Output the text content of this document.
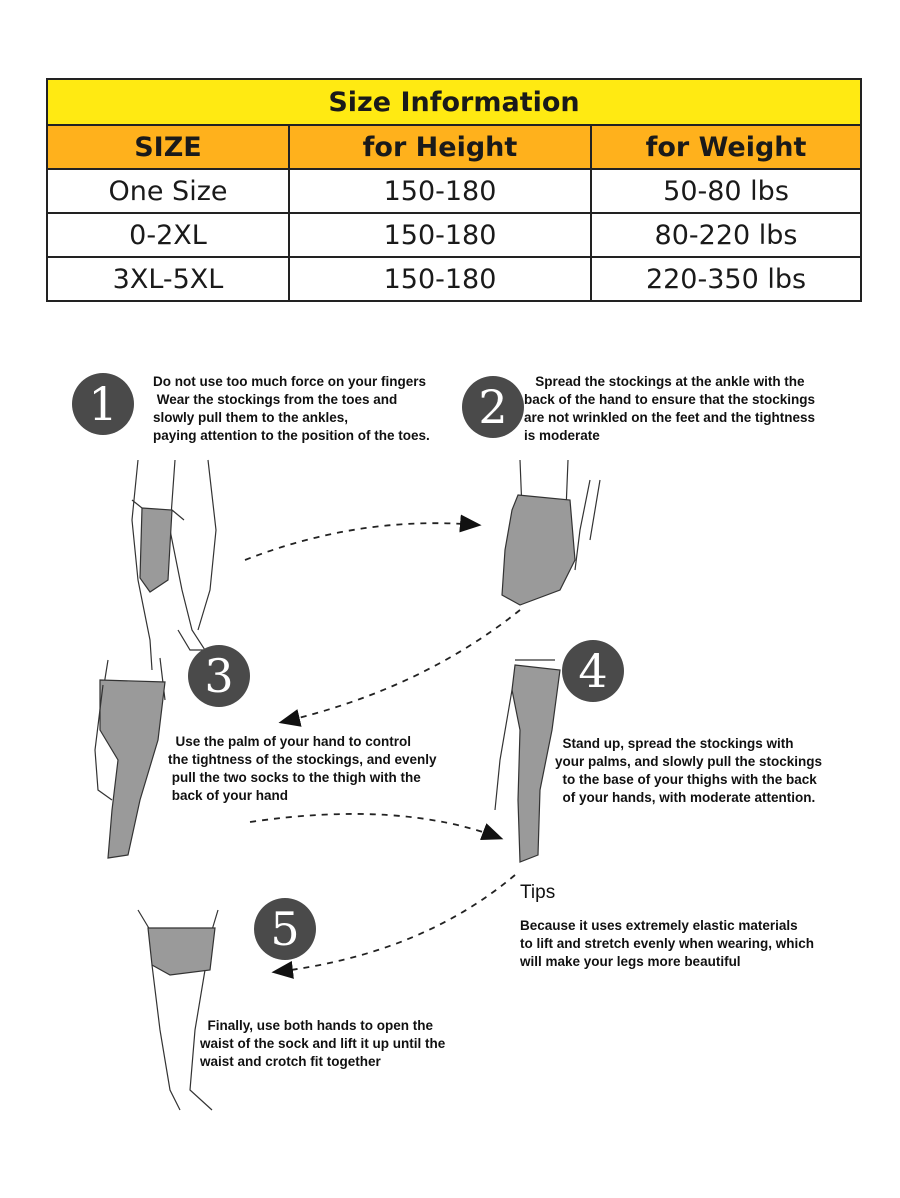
Size Information		
SIZE	for Height	for Weight
One Size	150-180	50-80 lbs
0-2XL	150-180	80-220 lbs
3XL-5XL	150-180	220-350 lbs
1	Do not use too much force on your fingers
Wear the stockings from the toes and
slowly pull them to the ankles,
paying attention to the position of the toes.
2	Spread the stockings at the ankle with the
back of the hand to ensure that the stockings
are not wrinkled on the feet and the tightness
is moderate
3
Use the palm of your hand to control
the tightness of the stockings, and evenly
pull the two socks to the thigh with the
back of your hand
4
Stand up, spread the stockings with
your palms, and slowly pull the stockings
to the base of your thighs with the back
of your hands, with moderate attention.
5
Finally, use both hands to open the
waist of the sock and lift it up until the
waist and crotch fit together
Tips
Because it uses extremely elastic materials
to lift and stretch evenly when wearing, which
will make your legs more beautiful
